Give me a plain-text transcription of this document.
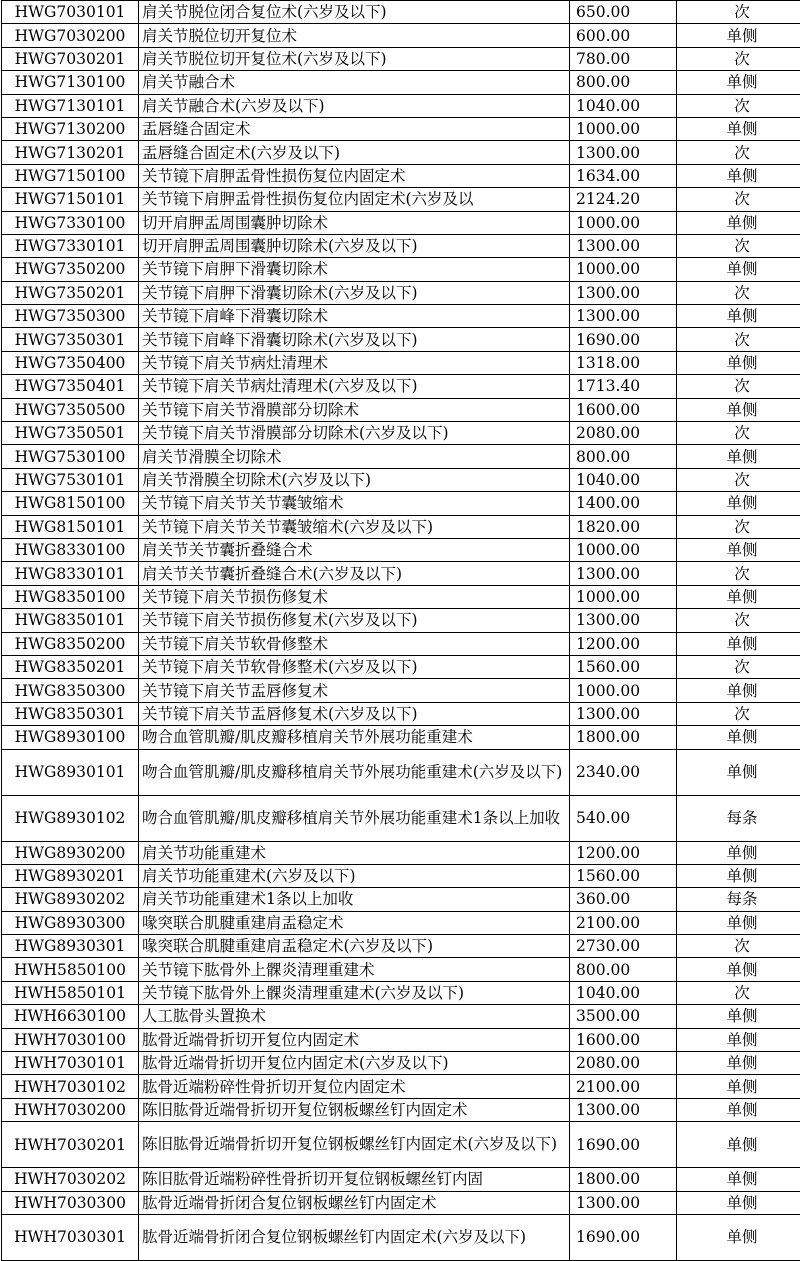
HWG7030101	肩关节脱位闭合复位术(六岁及以下)	650.00	次
HWG7030200	肩关节脱位切开复位术	600.00	单侧
HWG7030201	肩关节脱位切开复位术(六岁及以下)	780.00	次
HWG7130100	肩关节融合术	800.00	单侧
HWG7130101	肩关节融合术(六岁及以下)	1040.00	次
HWG7130200	盂唇缝合固定术	1000.00	单侧
HWG7130201	盂唇缝合固定术(六岁及以下)	1300.00	次
HWG7150100	关节镜下肩胛盂骨性损伤复位内固定术	1634.00	单侧
HWG7150101	关节镜下肩胛盂骨性损伤复位内固定术(六岁及以	2124.20	次
HWG7330100	切开肩胛盂周围囊肿切除术	1000.00	单侧
HWG7330101	切开肩胛盂周围囊肿切除术(六岁及以下)	1300.00	次
HWG7350200	关节镜下肩胛下滑囊切除术	1000.00	单侧
HWG7350201	关节镜下肩胛下滑囊切除术(六岁及以下)	1300.00	次
HWG7350300	关节镜下肩峰下滑囊切除术	1300.00	单侧
HWG7350301	关节镜下肩峰下滑囊切除术(六岁及以下)	1690.00	次
HWG7350400	关节镜下肩关节病灶清理术	1318.00	单侧
HWG7350401	关节镜下肩关节病灶清理术(六岁及以下)	1713.40	次
HWG7350500	关节镜下肩关节滑膜部分切除术	1600.00	单侧
HWG7350501	关节镜下肩关节滑膜部分切除术(六岁及以下)	2080.00	次
HWG7530100	肩关节滑膜全切除术	800.00	单侧
HWG7530101	肩关节滑膜全切除术(六岁及以下)	1040.00	次
HWG8150100	关节镜下肩关节关节囊皱缩术	1400.00	单侧
HWG8150101	关节镜下肩关节关节囊皱缩术(六岁及以下)	1820.00	次
HWG8330100	肩关节关节囊折叠缝合术	1000.00	单侧
HWG8330101	肩关节关节囊折叠缝合术(六岁及以下)	1300.00	次
HWG8350100	关节镜下肩关节损伤修复术	1000.00	单侧
HWG8350101	关节镜下肩关节损伤修复术(六岁及以下)	1300.00	次
HWG8350200	关节镜下肩关节软骨修整术	1200.00	单侧
HWG8350201	关节镜下肩关节软骨修整术(六岁及以下)	1560.00	次
HWG8350300	关节镜下肩关节盂唇修复术	1000.00	单侧
HWG8350301	关节镜下肩关节盂唇修复术(六岁及以下)	1300.00	次
HWG8930100	吻合血管肌瓣/肌皮瓣移植肩关节外展功能重建术	1800.00	单侧
HWG8930101	吻合血管肌瓣/肌皮瓣移植肩关节外展功能重建术(六岁及以下)	2340.00	单侧
HWG8930102	吻合血管肌瓣/肌皮瓣移植肩关节外展功能重建术1条以上加收	540.00	每条
HWG8930200	肩关节功能重建术	1200.00	单侧
HWG8930201	肩关节功能重建术(六岁及以下)	1560.00	单侧
HWG8930202	肩关节功能重建术1条以上加收	360.00	每条
HWG8930300	喙突联合肌腱重建肩盂稳定术	2100.00	单侧
HWG8930301	喙突联合肌腱重建肩盂稳定术(六岁及以下)	2730.00	次
HWH5850100	关节镜下肱骨外上髁炎清理重建术	800.00	单侧
HWH5850101	关节镜下肱骨外上髁炎清理重建术(六岁及以下)	1040.00	次
HWH6630100	人工肱骨头置换术	3500.00	单侧
HWH7030100	肱骨近端骨折切开复位内固定术	1600.00	单侧
HWH7030101	肱骨近端骨折切开复位内固定术(六岁及以下)	2080.00	单侧
HWH7030102	肱骨近端粉碎性骨折切开复位内固定术	2100.00	单侧
HWH7030200	陈旧肱骨近端骨折切开复位钢板螺丝钉内固定术	1300.00	单侧
HWH7030201	陈旧肱骨近端骨折切开复位钢板螺丝钉内固定术(六岁及以下)	1690.00	单侧
HWH7030202	陈旧肱骨近端粉碎性骨折切开复位钢板螺丝钉内固	1800.00	单侧
HWH7030300	肱骨近端骨折闭合复位钢板螺丝钉内固定术	1300.00	单侧
HWH7030301	肱骨近端骨折闭合复位钢板螺丝钉内固定术(六岁及以下)	1690.00	单侧
